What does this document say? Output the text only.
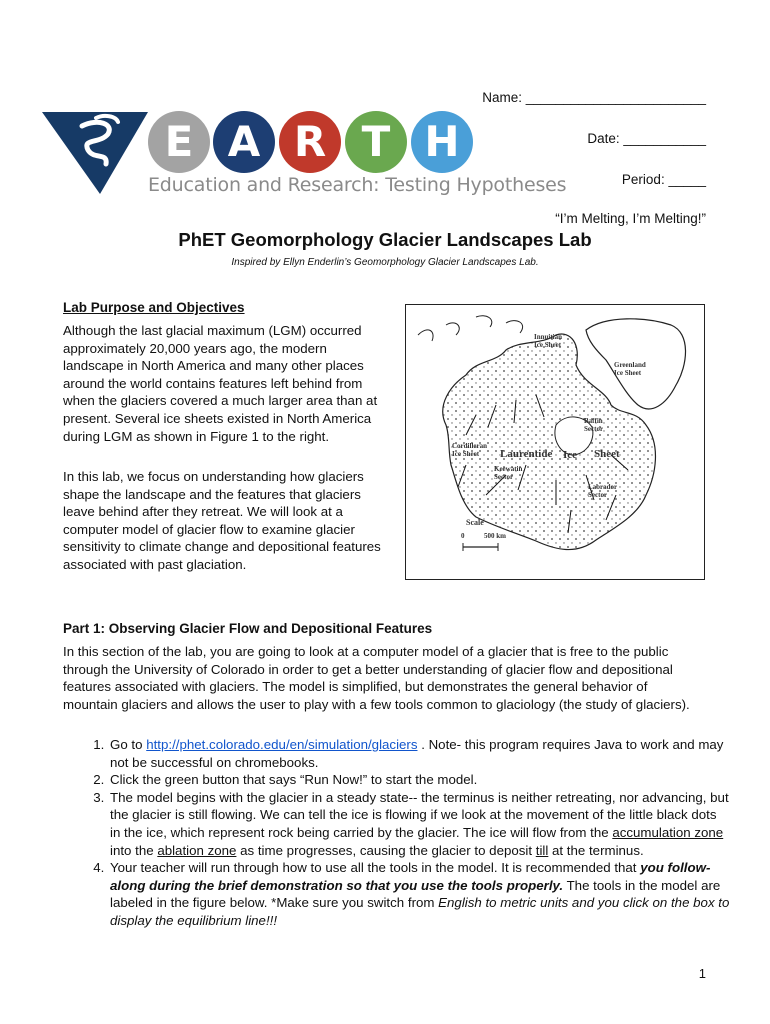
Name: ________________________
Date: ___________
Period: _____
“I’m Melting, I’m Melting!”
E A R T H
Education and Research: Testing Hypotheses
PhET Geomorphology Glacier Landscapes Lab
Inspired by Ellyn Enderlin’s Geomorphology Glacier Landscapes Lab.
Lab Purpose and Objectives
Although the last glacial maximum (LGM) occurred approximately 20,000 years ago, the modern landscape in North America and many other places around the world contains features left behind from when the glaciers covered a much larger area than at present. Several ice sheets existed in North America during LGM as shown in Figure 1 to the right.
In this lab, we focus on understanding how glaciers shape the landscape and the features that glaciers leave behind after they retreat. We will look at a computer model of glacier flow to examine glacier sensitivity to climate change and depositional features associated with past glaciation.
Innuitian
Ice Sheet
Greenland
Ice Sheet
Baffin
Sector
Cordilleran
Ice Sheet	Laurentide Ice Sheet
Keewatin
Sector
Labrador
Sector
Scale
0	500 km
Part 1: Observing Glacier Flow and Depositional Features
In this section of the lab, you are going to look at a computer model of a glacier that is free to the public through the University of Colorado in order to get a better understanding of glacier flow and depositional features associated with glaciers. The model is simplified, but demonstrates the general behavior of mountain glaciers and allows the user to play with a few tools common to glaciology (the study of glaciers).
1. Go to http://phet.colorado.edu/en/simulation/glaciers . Note- this program requires Java to work and may not be successful on chromebooks.
2. Click the green button that says “Run Now!” to start the model.
3. The model begins with the glacier in a steady state-- the terminus is neither retreating, nor advancing, but the glacier is still flowing. We can tell the ice is flowing if we look at the movement of the little black dots in the ice, which represent rock being carried by the glacier. The ice will flow from the accumulation zone into the ablation zone as time progresses, causing the glacier to deposit till at the terminus.
4. Your teacher will run through how to use all the tools in the model. It is recommended that you follow-along during the brief demonstration so that you use the tools properly. The tools in the model are labeled in the figure below. *Make sure you switch from English to metric units and you click on the box to display the equilibrium line!!!
1
